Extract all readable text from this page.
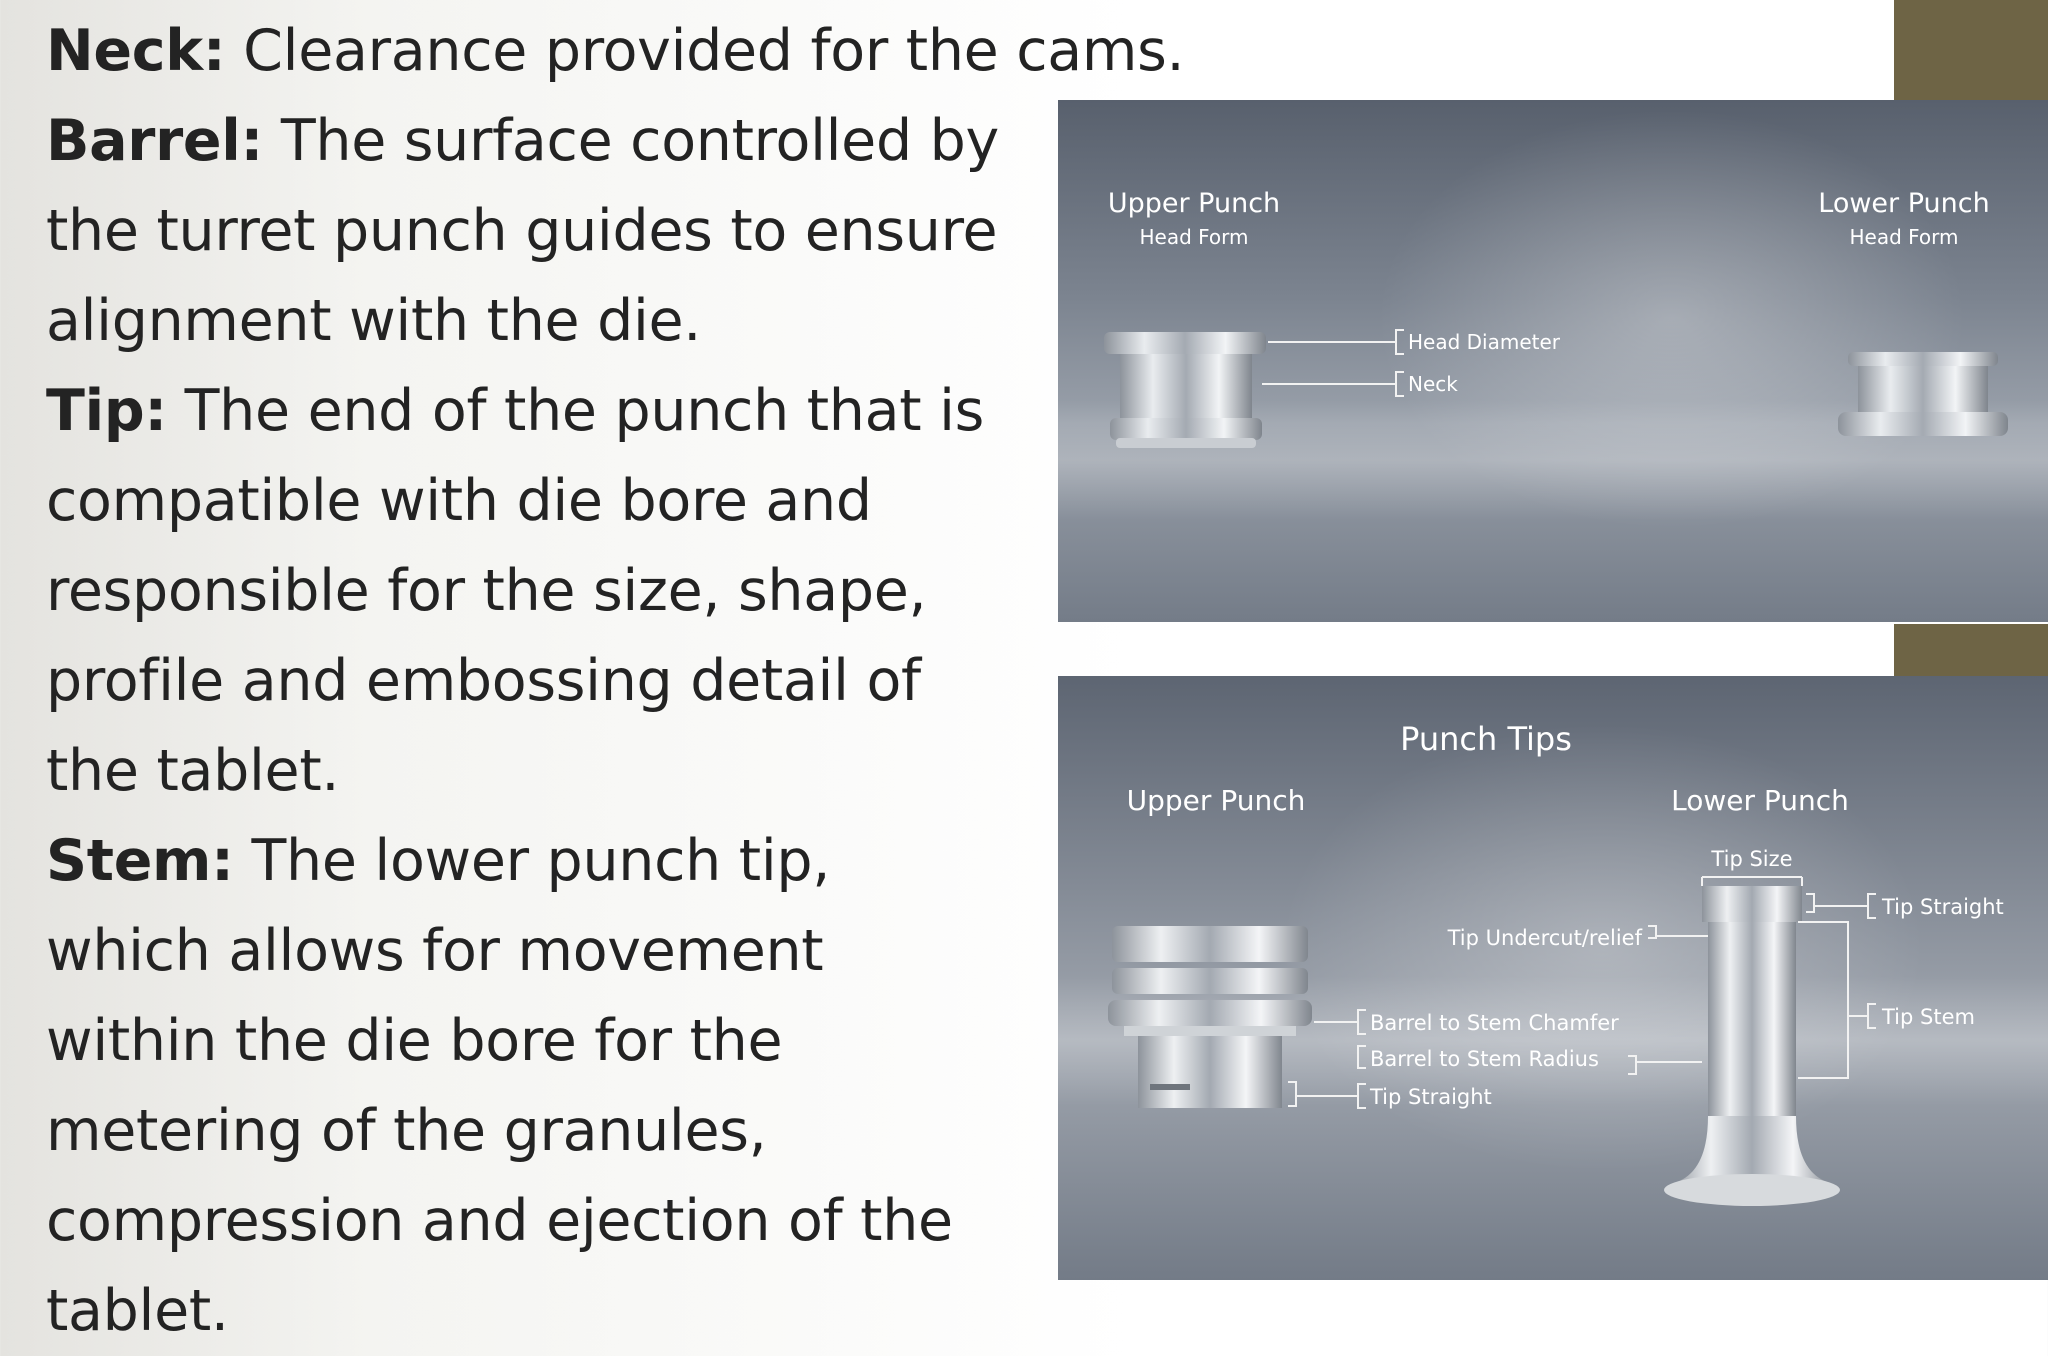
Neck: Clearance provided for the cams.

Barrel: The surface controlled by the turret punch guides to ensure alignment with the die.

Tip: The end of the punch that is compatible with die bore and responsible for the size, shape, profile and embossing detail of the tablet.

Stem: The lower punch tip, which allows for movement within the die bore for the metering of the granules, compression and ejection of the tablet.

Upper Punch
Head Form
Lower Punch
Head Form
Head Diameter
Neck
Punch Tips
Upper Punch	Lower Punch
Tip Size
Tip Undercut/relief
Tip Straight
Tip Stem
Barrel to Stem Chamfer
Barrel to Stem Radius
Tip Straight
